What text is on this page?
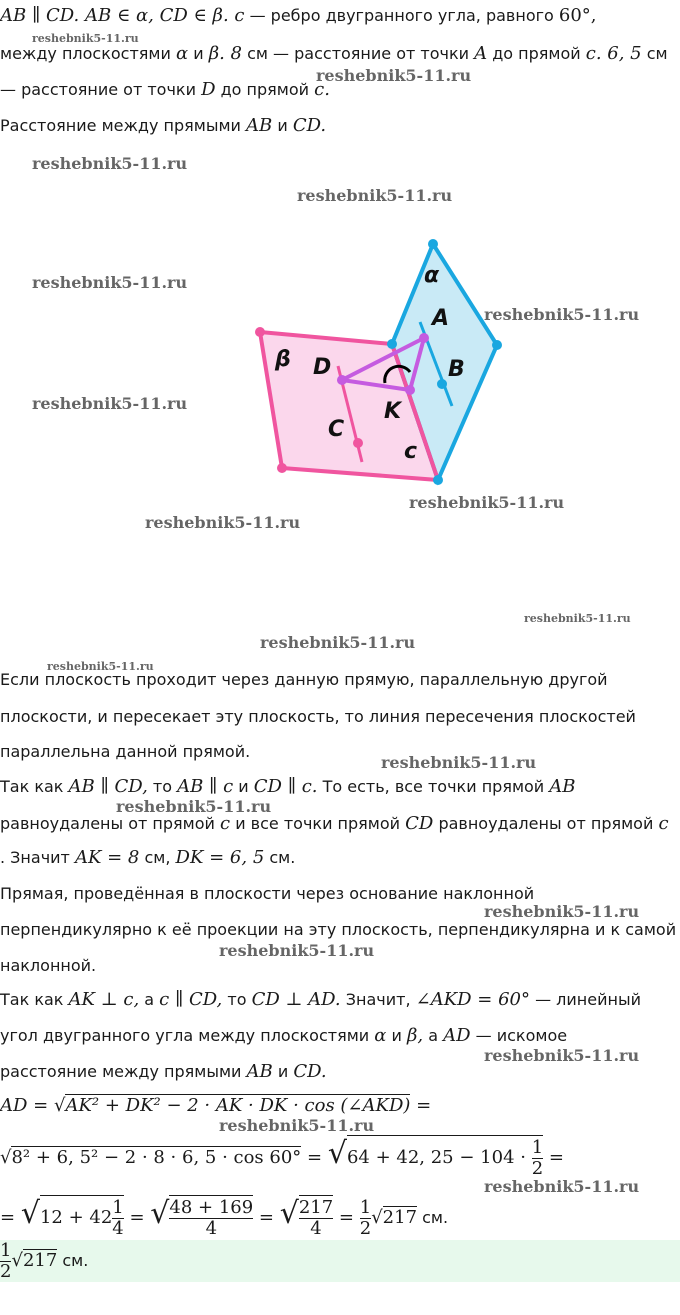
AB ∥ CD. AB ∈ α, CD ∈ β. c — ребро двугранного угла, равного 60°,
между плоскостями α и β. 8 см — расстояние от точки A до прямой c. 6, 5 см
— расстояние от точки D до прямой c.
Расстояние между прямыми AB и CD.
α
β
A
B
D
C
K
c
Если плоскость проходит через данную прямую, параллельную другой
плоскости, и пересекает эту плоскость, то линия пересечения плоскостей
параллельна данной прямой.
Так как AB ∥ CD, то AB ∥ c и CD ∥ c. То есть, все точки прямой AB
равноудалены от прямой c и все точки прямой CD равноудалены от прямой c
. Значит AK = 8 см, DK = 6, 5 см.
Прямая, проведённая в плоскости через основание наклонной
перпендикулярно к её проекции на эту плоскость, перпендикулярна и к самой
наклонной.
Так как AK ⊥ c, а c ∥ CD, то CD ⊥ AD. Значит, ∠AKD = 60° — линейный
угол двугранного угла между плоскостями α и β, а AD — искомое
расстояние между прямыми AB и CD.
AD = √AK² + DK² − 2 · AK · DK · cos (∠AKD) =
√8² + 6, 5² − 2 · 8 · 6, 5 · cos 60° = √64 + 42, $25 - 104 \cdot \frac{1}{2}$ =
= $√12 + 42 \frac{1}{4}$ = √ $\frac{48 + 169}{4}$ = √ $\frac{217}{4} = \frac{1}{2} √217$ см.
$\frac{1}{2} √217$ см.
reshebnik5-11.ru
reshebnik5-11.ru
reshebnik5-11.ru
reshebnik5-11.ru
reshebnik5-11.ru
reshebnik5-11.ru
reshebnik5-11.ru
reshebnik5-11.ru
reshebnik5-11.ru
reshebnik5-11.ru
reshebnik5-11.ru
reshebnik5-11.ru
reshebnik5-11.ru
reshebnik5-11.ru
reshebnik5-11.ru
reshebnik5-11.ru
reshebnik5-11.ru
reshebnik5-11.ru
reshebnik5-11.ru
